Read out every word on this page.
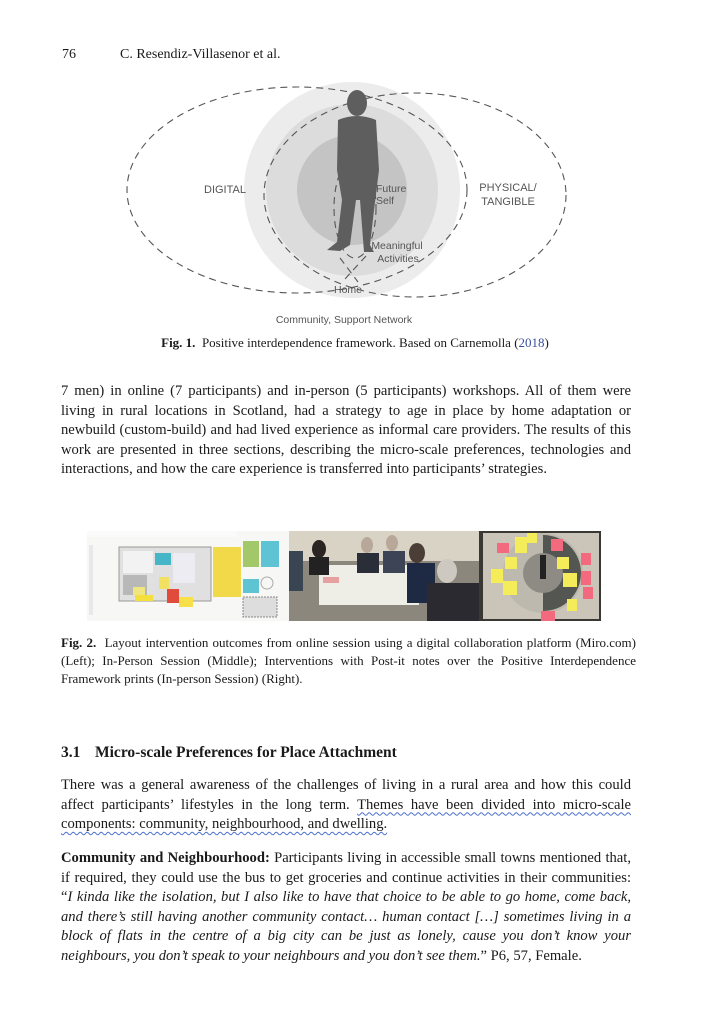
76	C. Resendiz-Villasenor et al.
DIGITAL	PHYSICAL/
TANGIBLE
Future
Self
Meaningful
Activities
Home
Community, Support Network
Fig. 1. Positive interdependence framework. Based on Carnemolla (2018)
7 men) in online (7 participants) and in-person (5 participants) workshops. All of them were living in rural locations in Scotland, had a strategy to age in place by home adaptation or newbuild (custom-build) and had lived experience as informal care providers. The results of this work are presented in three sections, describing the micro-scale preferences, technologies and interactions, and how the care experience is transferred into participants’ strategies.
Fig. 2. Layout intervention outcomes from online session using a digital collaboration platform (Miro.com) (Left); In-Person Session (Middle); Interventions with Post-it notes over the Positive Interdependence Framework prints (In-person Session) (Right).
3.1 Micro-scale Preferences for Place Attachment
There was a general awareness of the challenges of living in a rural area and how this could affect participants’ lifestyles in the long term. Themes have been divided into micro-scale components: community, neighbourhood, and dwelling.
Community and Neighbourhood: Participants living in accessible small towns mentioned that, if required, they could use the bus to get groceries and continue activities in their communities: “I kinda like the isolation, but I also like to have that choice to be able to go home, come back, and there’s still having another community contact… human contact […] sometimes living in a block of flats in the centre of a big city can be just as lonely, cause you don’t know your neighbours, you don’t speak to your neighbours and you don’t see them.” P6, 57, Female.
